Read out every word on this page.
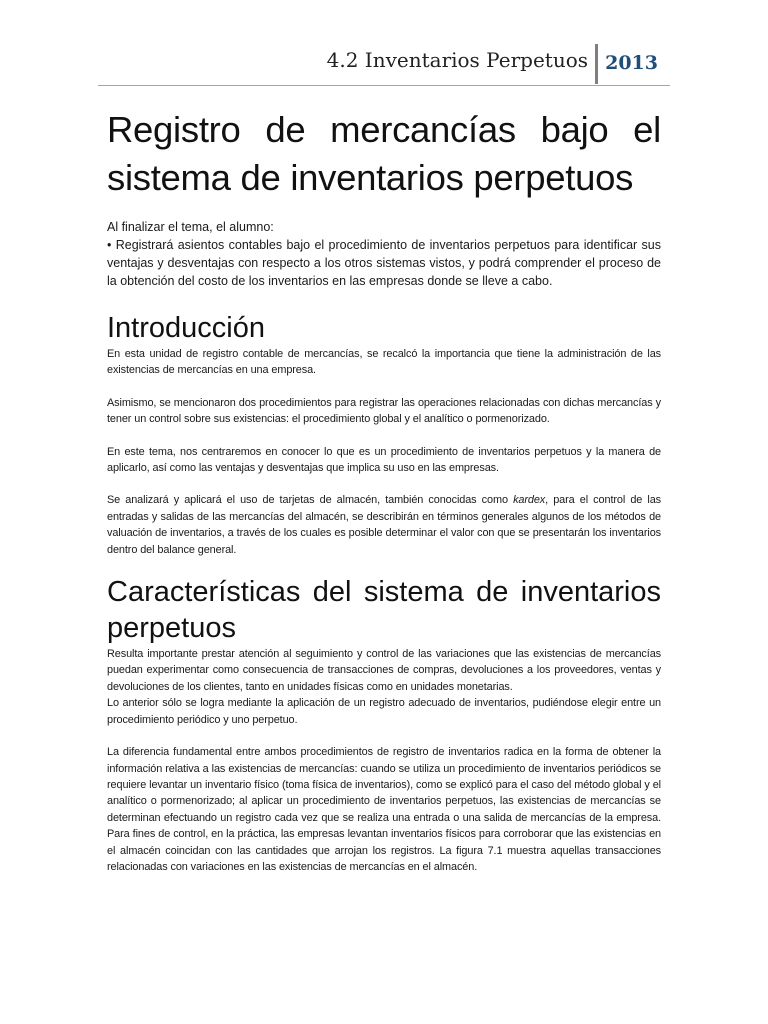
4.2 Inventarios Perpetuos 2013
Registro de mercancías bajo el
sistema de inventarios perpetuos

Al finalizar el tema, el alumno:

• Registrará asientos contables bajo el procedimiento de inventarios perpetuos para identificar sus ventajas y desventajas con respecto a los otros sistemas vistos, y podrá comprender el proceso de la obtención del costo de los inventarios en las empresas donde se lleve a cabo.

Introducción

En esta unidad de registro contable de mercancías, se recalcó la importancia que tiene la administración de las existencias de mercancías en una empresa.

Asimismo, se mencionaron dos procedimientos para registrar las operaciones relacionadas con dichas mercancías y tener un control sobre sus existencias: el procedimiento global y el analítico o pormenorizado.

En este tema, nos centraremos en conocer lo que es un procedimiento de inventarios perpetuos y la manera de aplicarlo, así como las ventajas y desventajas que implica su uso en las empresas.

Se analizará y aplicará el uso de tarjetas de almacén, también conocidas como kardex, para el control de las entradas y salidas de las mercancías del almacén, se describirán en términos generales algunos de los métodos de valuación de inventarios, a través de los cuales es posible determinar el valor con que se presentarán los inventarios dentro del balance general.

Características del sistema de inventarios perpetuos

Resulta importante prestar atención al seguimiento y control de las variaciones que las existencias de mercancías puedan experimentar como consecuencia de transacciones de compras, devoluciones a los proveedores, ventas y devoluciones de los clientes, tanto en unidades físicas como en unidades monetarias.

Lo anterior sólo se logra mediante la aplicación de un registro adecuado de inventarios, pudiéndose elegir entre un procedimiento periódico y uno perpetuo.

La diferencia fundamental entre ambos procedimientos de registro de inventarios radica en la forma de obtener la información relativa a las existencias de mercancías: cuando se utiliza un procedimiento de inventarios periódicos se requiere levantar un inventario físico (toma física de inventarios), como se explicó para el caso del método global y el analítico o pormenorizado; al aplicar un procedimiento de inventarios perpetuos, las existencias de mercancías se determinan efectuando un registro cada vez que se realiza una entrada o una salida de mercancías de la empresa. Para fines de control, en la práctica, las empresas levantan inventarios físicos para corroborar que las existencias en el almacén coincidan con las cantidades que arrojan los registros. La figura 7.1 muestra aquellas transacciones relacionadas con variaciones en las existencias de mercancías en el almacén.
